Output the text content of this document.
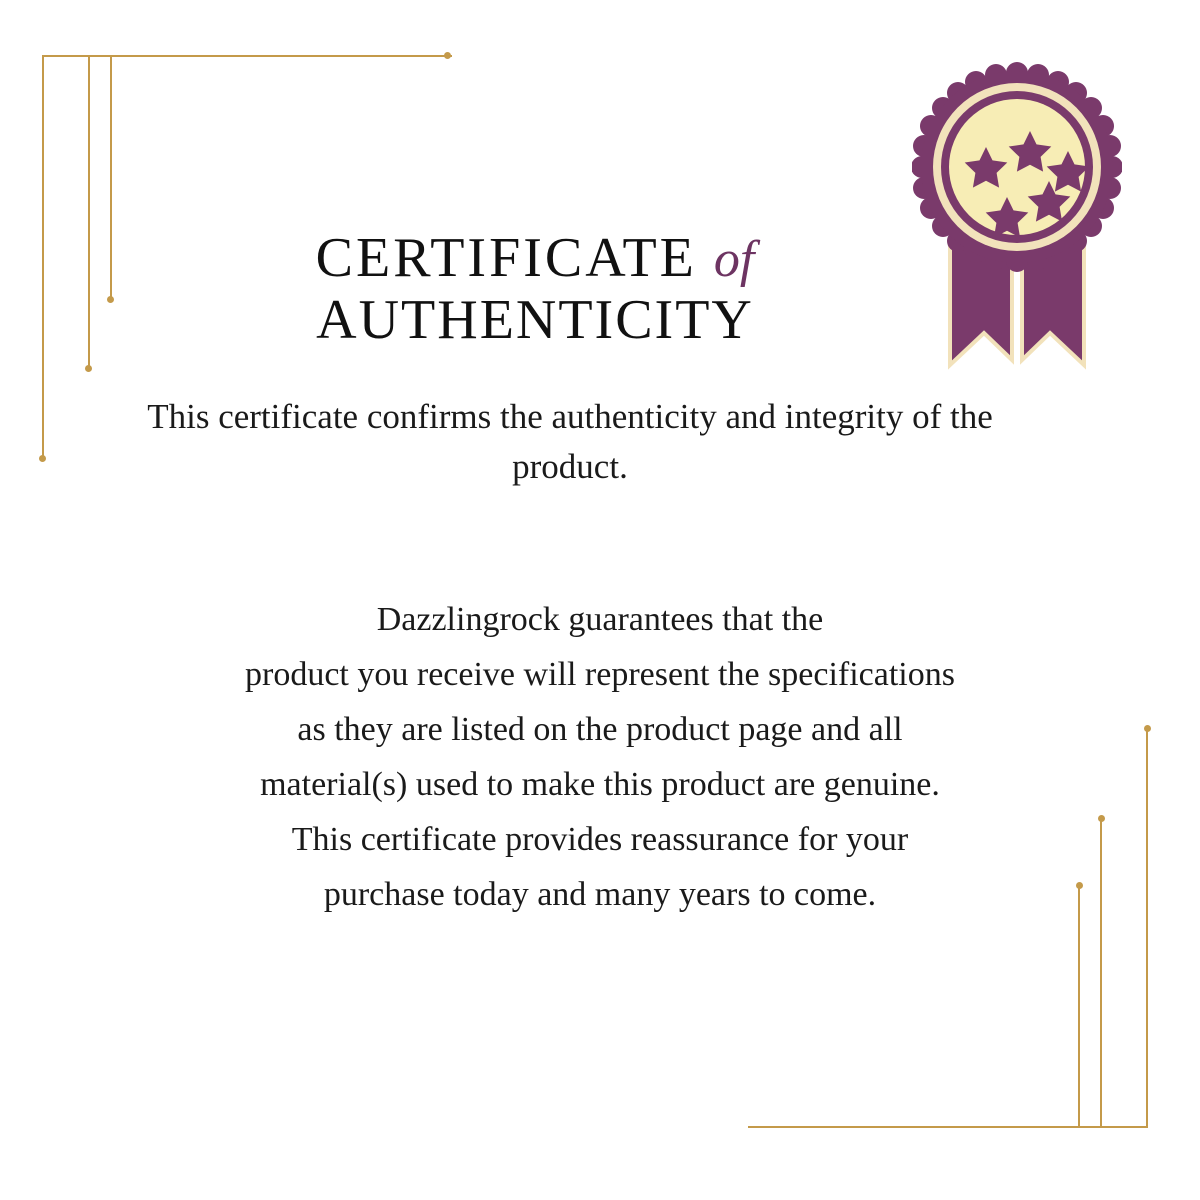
CERTIFICATE of
AUTHENTICITY
This certificate confirms the authenticity and integrity of the product.
Dazzlingrock guarantees that the
product you receive will represent the specifications
as they are listed on the product page and all
material(s) used to make this product are genuine.
This certificate provides reassurance for your
purchase today and many years to come.
